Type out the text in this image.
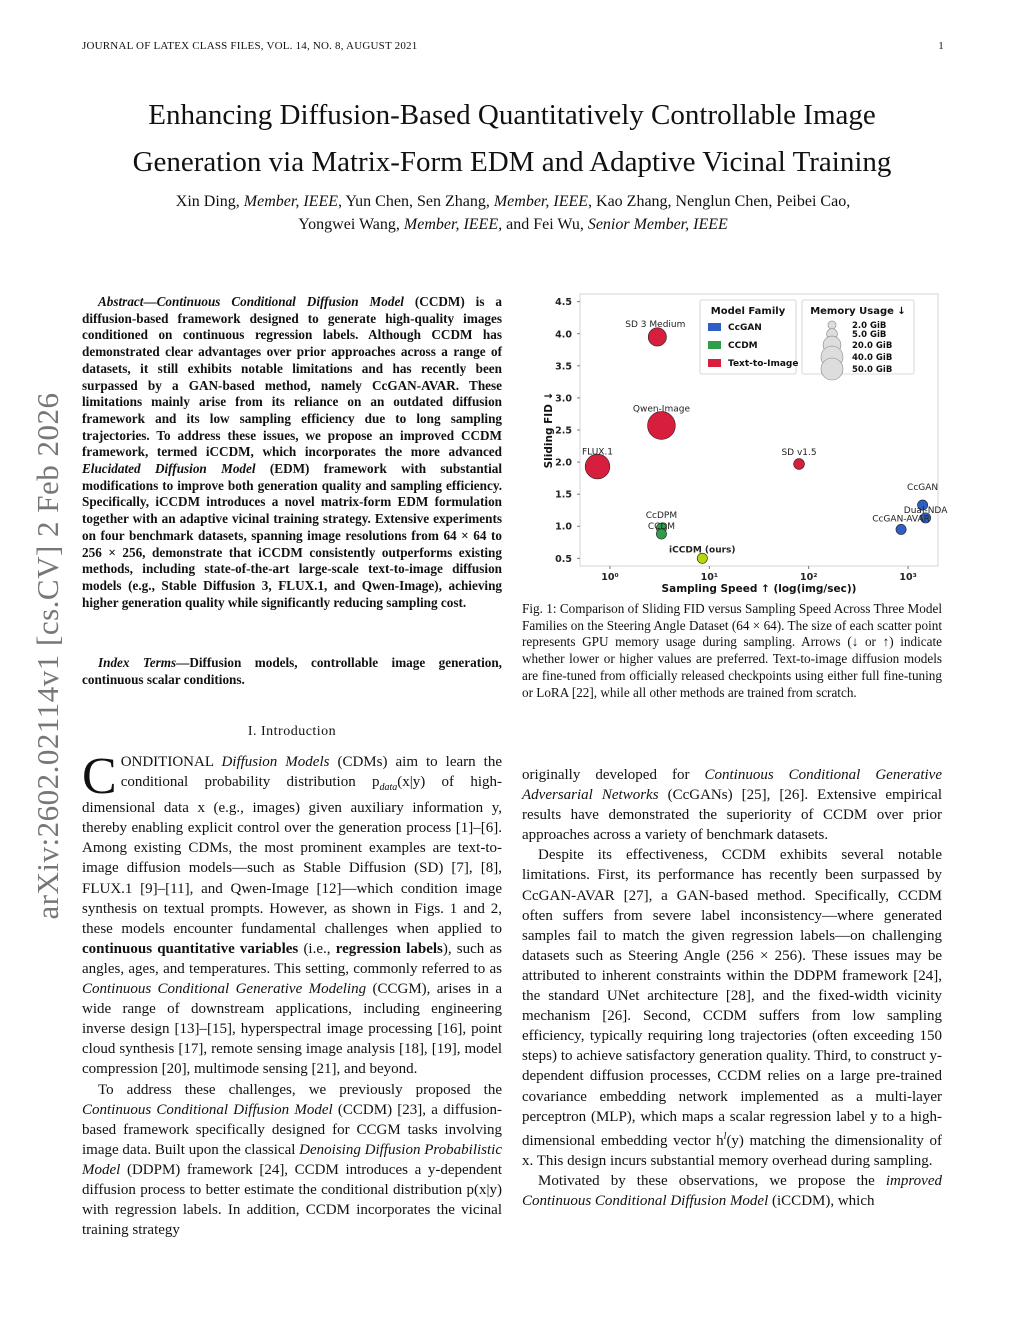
JOURNAL OF LATEX CLASS FILES, VOL. 14, NO. 8, AUGUST 2021	1
arXiv:2602.02114v1 [cs.CV] 2 Feb 2026
Enhancing Diffusion-Based Quantitatively Controllable Image
Generation via Matrix-Form EDM and Adaptive Vicinal Training
Xin Ding, Member, IEEE, Yun Chen, Sen Zhang, Member, IEEE, Kao Zhang, Nenglun Chen, Peibei Cao,
Yongwei Wang, Member, IEEE, and Fei Wu, Senior Member, IEEE
Abstract—Continuous Conditional Diffusion Model (CCDM) is a diffusion-based framework designed to generate high-quality images conditioned on continuous regression labels. Although CCDM has demonstrated clear advantages over prior approaches across a range of datasets, it still exhibits notable limitations and has recently been surpassed by a GAN-based method, namely CcGAN-AVAR. These limitations mainly arise from its reliance on an outdated diffusion framework and its low sampling efficiency due to long sampling trajectories. To address these issues, we propose an improved CCDM framework, termed iCCDM, which incorporates the more advanced Elucidated Diffusion Model (EDM) framework with substantial modifications to improve both generation quality and sampling efficiency. Specifically, iCCDM introduces a novel matrix-form EDM formulation together with an adaptive vicinal training strategy. Extensive experiments on four benchmark datasets, spanning image resolutions from 64 × 64 to 256 × 256, demonstrate that iCCDM consistently outperforms existing methods, including state-of-the-art large-scale text-to-image diffusion models (e.g., Stable Diffusion 3, FLUX.1, and Qwen-Image), achieving higher generation quality while significantly reducing sampling cost.
Index Terms—Diffusion models, controllable image generation, continuous scalar conditions.
I. Introduction

CONDITIONAL Diffusion Models (CDMs) aim to learn the conditional probability distribution $p_{data}(x|y)$ of high-dimensional data x (e.g., images) given auxiliary information y, thereby enabling explicit control over the generation process [1]–[6]. Among existing CDMs, the most prominent examples are text-to-image diffusion models—such as Stable Diffusion (SD) [7], [8], FLUX.1 [9]–[11], and Qwen-Image [12]—which condition image synthesis on textual prompts. However, as shown in Figs. 1 and 2, these models encounter fundamental challenges when applied to continuous quantitative variables (i.e., regression labels), such as angles, ages, and temperatures. This setting, commonly referred to as Continuous Conditional Generative Modeling (CCGM), arises in a wide range of downstream applications, including engineering inverse design [13]–[15], hyperspectral image processing [16], point cloud synthesis [17], remote sensing image analysis [18], [19], model compression [20], multimode sensing [21], and beyond.

To address these challenges, we previously proposed the Continuous Conditional Diffusion Model (CCDM) [23], a diffusion-based framework specifically designed for CCGM tasks involving image data. Built upon the classical Denoising Diffusion Probabilistic Model (DDPM) framework [24], CCDM introduces a y-dependent diffusion process to better estimate the conditional distribution p(x|y) with regression labels. In addition, CCDM incorporates the vicinal training strategy

0.5
1.0
1.5
2.0
2.5
3.0
3.5
4.0
4.5
10⁰	10¹	10²	10³
Sampling Speed ↑ (log(img/sec))
Sliding FID ↓
SD 3 Medium
Qwen-Image
FLUX.1	SD v1.5
CcGAN
Dual-NDA
CcGAN-AVAR
CcDPM
CCDM
iCCDM (ours)
Model Family
CcGAN
CCDM
Text-to-Image
Memory Usage ↓
2.0 GiB
5.0 GiB
20.0 GiB
40.0 GiB
50.0 GiB
Fig. 1: Comparison of Sliding FID versus Sampling Speed Across Three Model Families on the Steering Angle Dataset (64 × 64). The size of each scatter point represents GPU memory usage during sampling. Arrows (↓ or ↑) indicate whether lower or higher values are preferred. Text-to-image diffusion models are fine-tuned from officially released checkpoints using either full fine-tuning or LoRA [22], while all other methods are trained from scratch.

originally developed for Continuous Conditional Generative Adversarial Networks (CcGANs) [25], [26]. Extensive empirical results have demonstrated the superiority of CCDM over prior approaches across a variety of benchmark datasets.

Despite its effectiveness, CCDM exhibits several notable limitations. First, its performance has recently been surpassed by CcGAN-AVAR [27], a GAN-based method. Specifically, CCDM often suffers from severe label inconsistency—where generated samples fail to match the given regression labels—on challenging datasets such as Steering Angle (256 × 256). These issues may be attributed to inherent constraints within the DDPM framework [24], the standard UNet architecture [28], and the fixed-width vicinity mechanism [26]. Second, CCDM suffers from low sampling efficiency, typically requiring long trajectories (often exceeding 150 steps) to achieve satisfactory generation quality. Third, to construct y-dependent diffusion processes, CCDM relies on a large pre-trained covariance embedding network implemented as a multi-layer perceptron (MLP), which maps a scalar regression label y to a high-dimensional embedding vector $h^l(y)$ matching the dimensionality of x. This design incurs substantial memory overhead during sampling.

Motivated by these observations, we propose the improved Continuous Conditional Diffusion Model (iCCDM), which
